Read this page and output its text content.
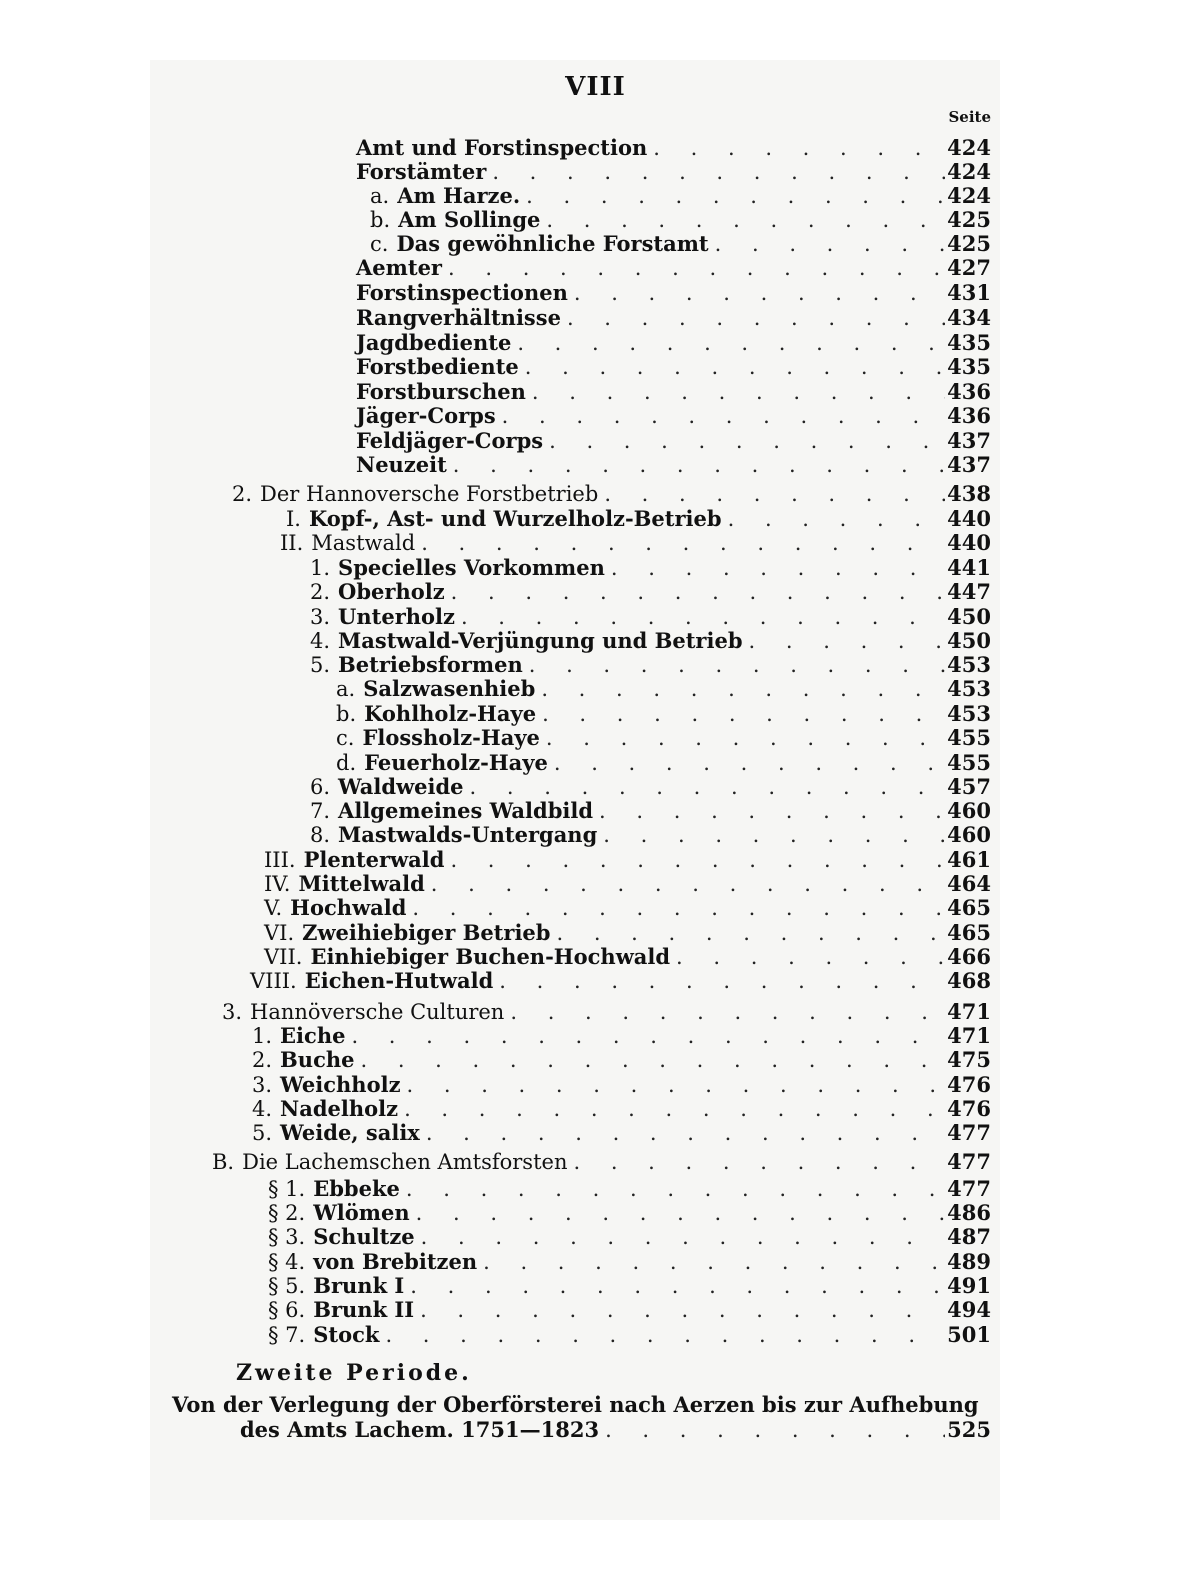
VIII
Seite
Amt und Forstinspection . . .	424
Forstämter . . .	424
a. Am Harze. . . .	424
b. Am Sollinge . . .	425
c. Das gewöhnliche Forstamt . . .	425
Aemter . . .	427
Forstinspectionen . . .	431
Rangverhältnisse . . .	434
Jagdbediente . . .	435
Forstbediente . . .	435
Forstburschen . . .	436
Jäger-Corps . . .	436
Feldjäger-Corps . . .	437
Neuzeit . . .	437
2. Der Hannoversche Forstbetrieb . . .	438
I. Kopf-, Ast- und Wurzelholz-Betrieb . . .	440
II. Mastwald . . .	440
1. Specielles Vorkommen . . .	441
2. Oberholz . . .	447
3. Unterholz . . .	450
4. Mastwald-Verjüngung und Betrieb . . .	450
5. Betriebsformen . . .	453
a. Salzwasenhieb . . .	453
b. Kohlholz-Haye . . .	453
c. Flossholz-Haye . . .	455
d. Feuerholz-Haye . . .	455
6. Waldweide . . .	457
7. Allgemeines Waldbild . . .	460
8. Mastwalds-Untergang . . .	460
III. Plenterwald . . .	461
IV. Mittelwald . . .	464
V. Hochwald . . .	465
VI. Zweihiebiger Betrieb . . .	465
VII. Einhiebiger Buchen-Hochwald . . .	466
VIII. Eichen-Hutwald . . .	468
3. Hannöversche Culturen . . .	471
1. Eiche . . .	471
2. Buche . . .	475
3. Weichholz . . .	476
4. Nadelholz . . .	476
5. Weide, salix . . .	477
B. Die Lachemschen Amtsforsten . . .	477
§ 1. Ebbeke . . .	477
§ 2. Wlömen . . .	486
§ 3. Schultze . . .	487
§ 4. von Brebitzen . . .	489
§ 5. Brunk I . . .	491
§ 6. Brunk II . . .	494
§ 7. Stock . . .	501
Zweite Periode.
Von der Verlegung der Oberförsterei nach Aerzen bis zur Aufhebung
des Amts Lachem. 1751—1823 . . .	525
